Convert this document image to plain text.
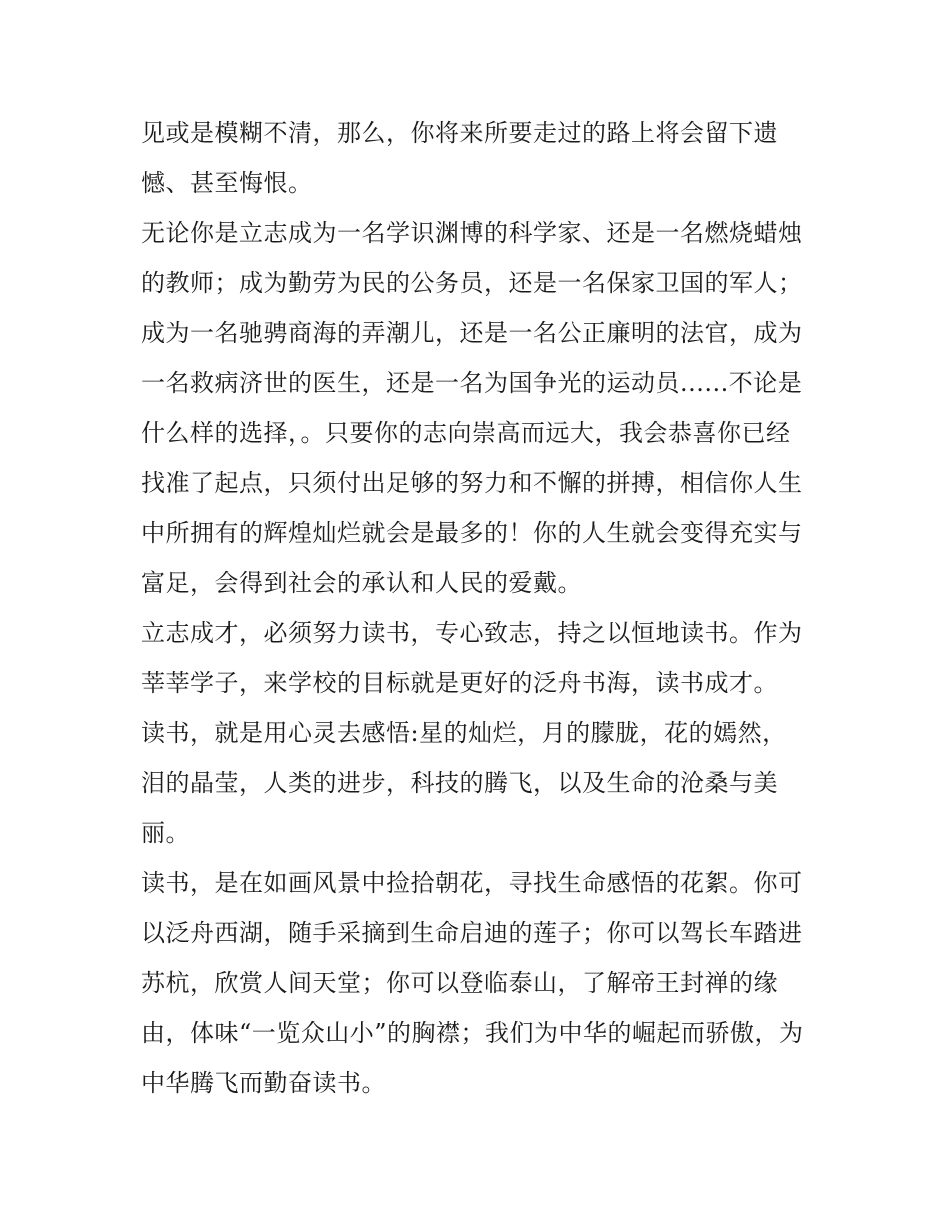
见或是模糊不清，那么，你将来所要走过的路上将会留下遗
憾、甚至悔恨。
无论你是立志成为一名学识渊博的科学家、还是一名燃烧蜡烛
的教师；成为勤劳为民的公务员，还是一名保家卫国的军人；
成为一名驰骋商海的弄潮儿，还是一名公正廉明的法官，成为
一名救病济世的医生，还是一名为国争光的运动员......不论是
什么样的选择，。只要你的志向崇高而远大，我会恭喜你已经
找准了起点，只须付出足够的努力和不懈的拼搏，相信你人生
中所拥有的辉煌灿烂就会是最多的！你的人生就会变得充实与
富足，会得到社会的承认和人民的爱戴。
立志成才，必须努力读书，专心致志，持之以恒地读书。作为
莘莘学子，来学校的目标就是更好的泛舟书海，读书成才。
读书，就是用心灵去感悟:星的灿烂，月的朦胧，花的嫣然，
泪的晶莹，人类的进步，科技的腾飞，以及生命的沧桑与美
丽。
读书，是在如画风景中捡拾朝花，寻找生命感悟的花絮。你可
以泛舟西湖，随手采摘到生命启迪的莲子；你可以驾长车踏进
苏杭，欣赏人间天堂；你可以登临泰山，了解帝王封禅的缘
由，体味“一览众山小”的胸襟；我们为中华的崛起而骄傲，为
中华腾飞而勤奋读书。
